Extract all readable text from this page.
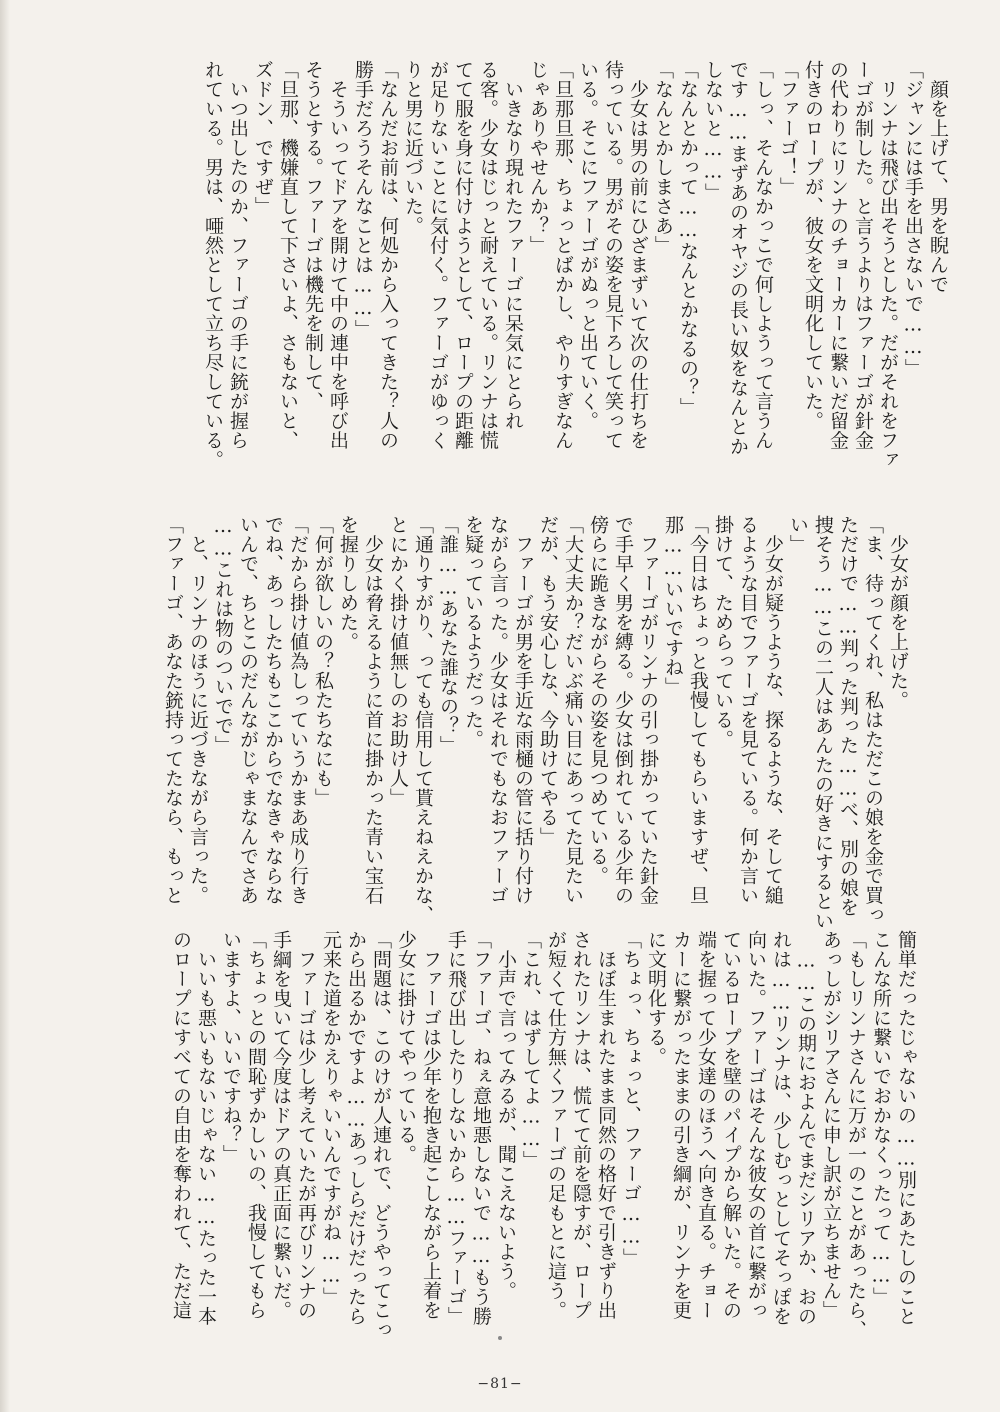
　顔を上げて、男を睨んで

「ジャンには手を出さないで……」

　リンナは飛び出そうとした。だがそれをファ

ーゴが制した。と言うよりはファーゴが針金

の代わりにリンナのチョーカーに繋いだ留金

付きのロープが、彼女を文明化していた。

「ファーゴ！」

「しっ、そんなかっこで何しようって言うん

です……まずあのオヤジの長い奴をなんとか

しないと……」

「なんとかって……なんとかなるの？」

「なんとかしまさあ」

　少女は男の前にひざまずいて次の仕打ちを

待っている。男がその姿を見下ろして笑って

いる。そこにファーゴがぬっと出ていく。

「旦那旦那、ちょっとばかし、やりすぎなん

じゃありやせんか？」

　いきなり現れたファーゴに呆気にとられ

る客。少女はじっと耐えている。リンナは慌

てて服を身に付けようとして、ロープの距離

が足りないことに気付く。ファーゴがゆっく

りと男に近づいた。

「なんだお前は、何処から入ってきた？人の

勝手だろうそんなことは……」

　そういってドアを開けて中の連中を呼び出

そうとする。ファーゴは機先を制して、

「旦那、機嫌直して下さいよ、さもないと、

ズドン、ですぜ」

　いつ出したのか、ファーゴの手に銃が握ら

れている。男は、唖然として立ち尽している。

　少女が顔を上げた。

「ま、待ってくれ、私はただこの娘を金で買っ

ただけで……判った判った……べ、別の娘を

捜そう……この二人はあんたの好きにするとい

い」

　少女が疑うような、探るような、そして縋

るような目でファーゴを見ている。何か言い

掛けて、ためらっている。

「今日はちょっと我慢してもらいますぜ、旦

那……いいですね」

　ファーゴがリンナの引っ掛かっていた針金

で手早く男を縛る。少女は倒れている少年の

傍らに跪きながらその姿を見つめている。

「大丈夫か？だいぶ痛い目にあってた見たい

だが、もう安心しな、今助けてやる」

　ファーゴが男を手近な雨樋の管に括り付け

ながら言った。少女はそれでもなおファーゴ

を疑っているようだった。

「誰……あなた誰なの？」

「通りすがり、っても信用して貰えねえかな、

とにかく掛け値無しのお助け人」

　少女は脅えるように首に掛かった青い宝石

を握りしめた。

「何が欲しいの？私たちなにも」

「だから掛け値為しっていうかまあ成り行き

でね、あっしたちもここからでなきゃならな

いんで、ちとこのだんながじゃまなんでさあ

……これは物のついでで」

　と、リンナのほうに近づきながら言った。

「ファーゴ、あなた銃持ってたなら、もっと

簡単だったじゃないの……別にあたしのこと

こんな所に繋いでおかなくったって……」

「もしリンナさんに万が一のことがあったら、

あっしがシリアさんに申し訳が立ちません」

　……この期におよんでまだシリアか、おの

れは……リンナは、少しむっとしてそっぽを

向いた。ファーゴはそんな彼女の首に繋がっ

ているロープを壁のパイプから解いた。その

端を握って少女達のほうへ向き直る。チョー

カーに繋がったままの引き綱が、リンナを更

に文明化する。

「ちょっ、ちょっと、ファーゴ……」

　ほぼ生まれたまま同然の格好で引きずり出

されたリンナは、慌てて前を隠すが、ロープ

が短くて仕方無くファーゴの足もとに這う。

「これ、はずしてよ……」

　小声で言ってみるが、聞こえないよう。

「ファーゴ、ねぇ意地悪しないで……もう勝

手に飛び出したりしないから……ファーゴ」

　ファーゴは少年を抱き起こしながら上着を

少女に掛けてやっている。

「問題は、このけが人連れで、どうやってこっ

から出るかですよ……あっしらだけだったら

元来た道をかえりゃいいんですがね……」

　ファーゴは少し考えていたが再びリンナの

手綱を曳いて今度はドアの真正面に繋いだ。

「ちょっとの間恥ずかしいの、我慢してもら

いますよ、いいですね？」

　いいも悪いもないじゃない……たった一本

のロープにすべての自由を奪われて、ただ這

−81−
